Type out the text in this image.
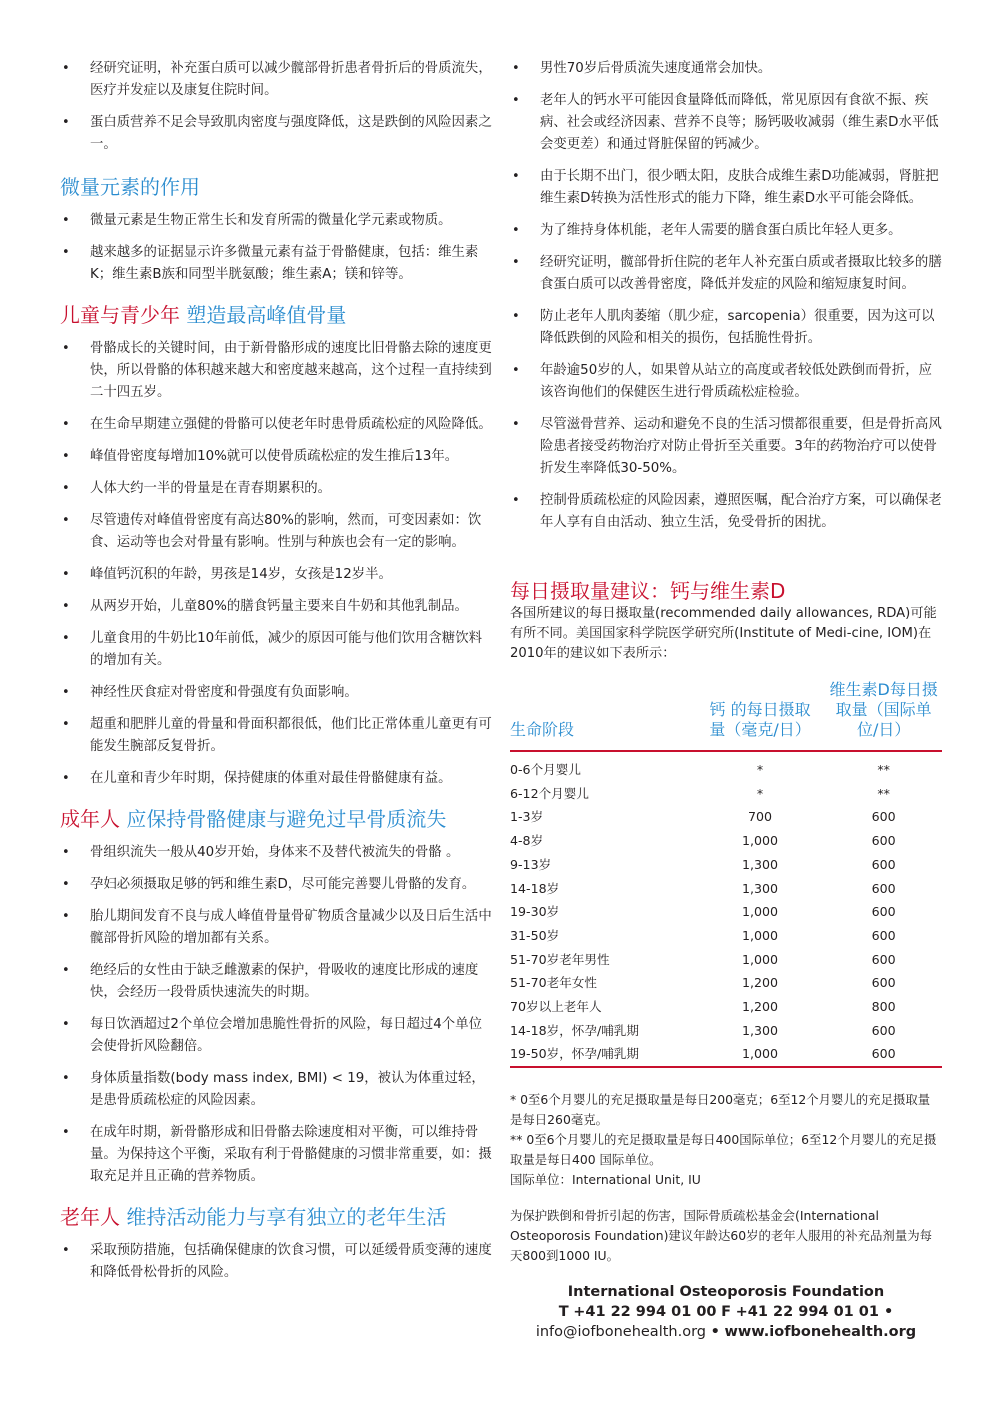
• 经研究证明，补充蛋白质可以减少髋部骨折患者骨折后的骨质流失，医疗并发症以及康复住院时间。
• 蛋白质营养不足会导致肌肉密度与强度降低，这是跌倒的风险因素之一。
微量元素的作用
• 微量元素是生物正常生长和发育所需的微量化学元素或物质。
• 越来越多的证据显示许多微量元素有益于骨骼健康，包括：维生素K；维生素B族和同型半胱氨酸；维生素A；镁和锌等。
儿童与青少年 塑造最高峰值骨量
• 骨骼成长的关键时间，由于新骨骼形成的速度比旧骨骼去除的速度更快，所以骨骼的体积越来越大和密度越来越高，这个过程一直持续到二十四五岁。
• 在生命早期建立强健的骨骼可以使老年时患骨质疏松症的风险降低。
• 峰值骨密度每增加10%就可以使骨质疏松症的发生推后13年。
• 人体大约一半的骨量是在青春期累积的。
• 尽管遗传对峰值骨密度有高达80%的影响，然而，可变因素如：饮食、运动等也会对骨量有影响。性别与种族也会有一定的影响。
• 峰值钙沉积的年龄，男孩是14岁，女孩是12岁半。
• 从两岁开始，儿童80%的膳食钙量主要来自牛奶和其他乳制品。
• 儿童食用的牛奶比10年前低，减少的原因可能与他们饮用含糖饮料的增加有关。
• 神经性厌食症对骨密度和骨强度有负面影响。
• 超重和肥胖儿童的骨量和骨面积都很低，他们比正常体重儿童更有可能发生腕部反复骨折。
• 在儿童和青少年时期，保持健康的体重对最佳骨骼健康有益。
成年人 应保持骨骼健康与避免过早骨质流失
• 骨组织流失一般从40岁开始，身体来不及替代被流失的骨骼 。
• 孕妇必须摄取足够的钙和维生素D，尽可能完善婴儿骨骼的发育。
• 胎儿期间发育不良与成人峰值骨量骨矿物质含量减少以及日后生活中髋部骨折风险的增加都有关系。
• 绝经后的女性由于缺乏雌激素的保护，骨吸收的速度比形成的速度快，会经历一段骨质快速流失的时期。
• 每日饮酒超过2个单位会增加患脆性骨折的风险，每日超过4个单位会使骨折风险翻倍。
• 身体质量指数(body mass index, BMI) < 19，被认为体重过轻，是患骨质疏松症的风险因素。
• 在成年时期，新骨骼形成和旧骨骼去除速度相对平衡，可以维持骨量。为保持这个平衡，采取有利于骨骼健康的习惯非常重要，如：摄取充足并且正确的营养物质。
老年人 维持活动能力与享有独立的老年生活
• 采取预防措施，包括确保健康的饮食习惯，可以延缓骨质变薄的速度和降低骨松骨折的风险。
• 男性70岁后骨质流失速度通常会加快。
• 老年人的钙水平可能因食量降低而降低，常见原因有食欲不振、疾病、社会或经济因素、营养不良等；肠钙吸收减弱（维生素D水平低会变更差）和通过肾脏保留的钙减少。
• 由于长期不出门，很少晒太阳，皮肤合成维生素D功能减弱，肾脏把维生素D转换为活性形式的能力下降，维生素D水平可能会降低。
• 为了维持身体机能，老年人需要的膳食蛋白质比年轻人更多。
• 经研究证明，髋部骨折住院的老年人补充蛋白质或者摄取比较多的膳食蛋白质可以改善骨密度，降低并发症的风险和缩短康复时间。
• 防止老年人肌肉萎缩（肌少症，sarcopenia）很重要，因为这可以降低跌倒的风险和相关的损伤，包括脆性骨折。
• 年龄逾50岁的人，如果曾从站立的高度或者较低处跌倒而骨折，应该咨询他们的保健医生进行骨质疏松症检验。
• 尽管滋骨营养、运动和避免不良的生活习惯都很重要，但是骨折高风险患者接受药物治疗对防止骨折至关重要。3年的药物治疗可以使骨折发生率降低30-50%。
• 控制骨质疏松症的风险因素，遵照医嘱，配合治疗方案，可以确保老年人享有自由活动、独立生活，免受骨折的困扰。
每日摄取量建议：钙与维生素D

各国所建议的每日摄取量(recommended daily allowances, RDA)可能有所不同。美国国家科学院医学研究所(Institute of Medi-cine, IOM)在2010年的建议如下表所示：

生命阶段	钙 的每日摄取量（毫克/日）	维生素D每日摄取量（国际单位/日）
0-6个月婴儿	*	**
6-12个月婴儿	*	**
1-3岁	700	600
4-8岁	1,000	600
9-13岁	1,300	600
14-18岁	1,300	600
19-30岁	1,000	600
31-50岁	1,000	600
51-70岁老年男性	1,000	600
51-70老年女性	1,200	600
70岁以上老年人	1,200	800
14-18岁，怀孕/哺乳期	1,300	600
19-50岁，怀孕/哺乳期	1,000	600

* 0至6个月婴儿的充足摄取量是每日200毫克；6至12个月婴儿的充足摄取量是每日260毫克。

** 0至6个月婴儿的充足摄取量是每日400国际单位；6至12个月婴儿的充足摄取量是每日400 国际单位。

国际单位：International Unit, IU

为保护跌倒和骨折引起的伤害，国际骨质疏松基金会(International Osteoporosis Foundation)建议年龄达60岁的老年人服用的补充品剂量为每天800到1000 IU。

International Osteoporosis Foundation
T +41 22 994 01 00 F +41 22 994 01 01 •
info@iofbonehealth.org • www.iofbonehealth.org
